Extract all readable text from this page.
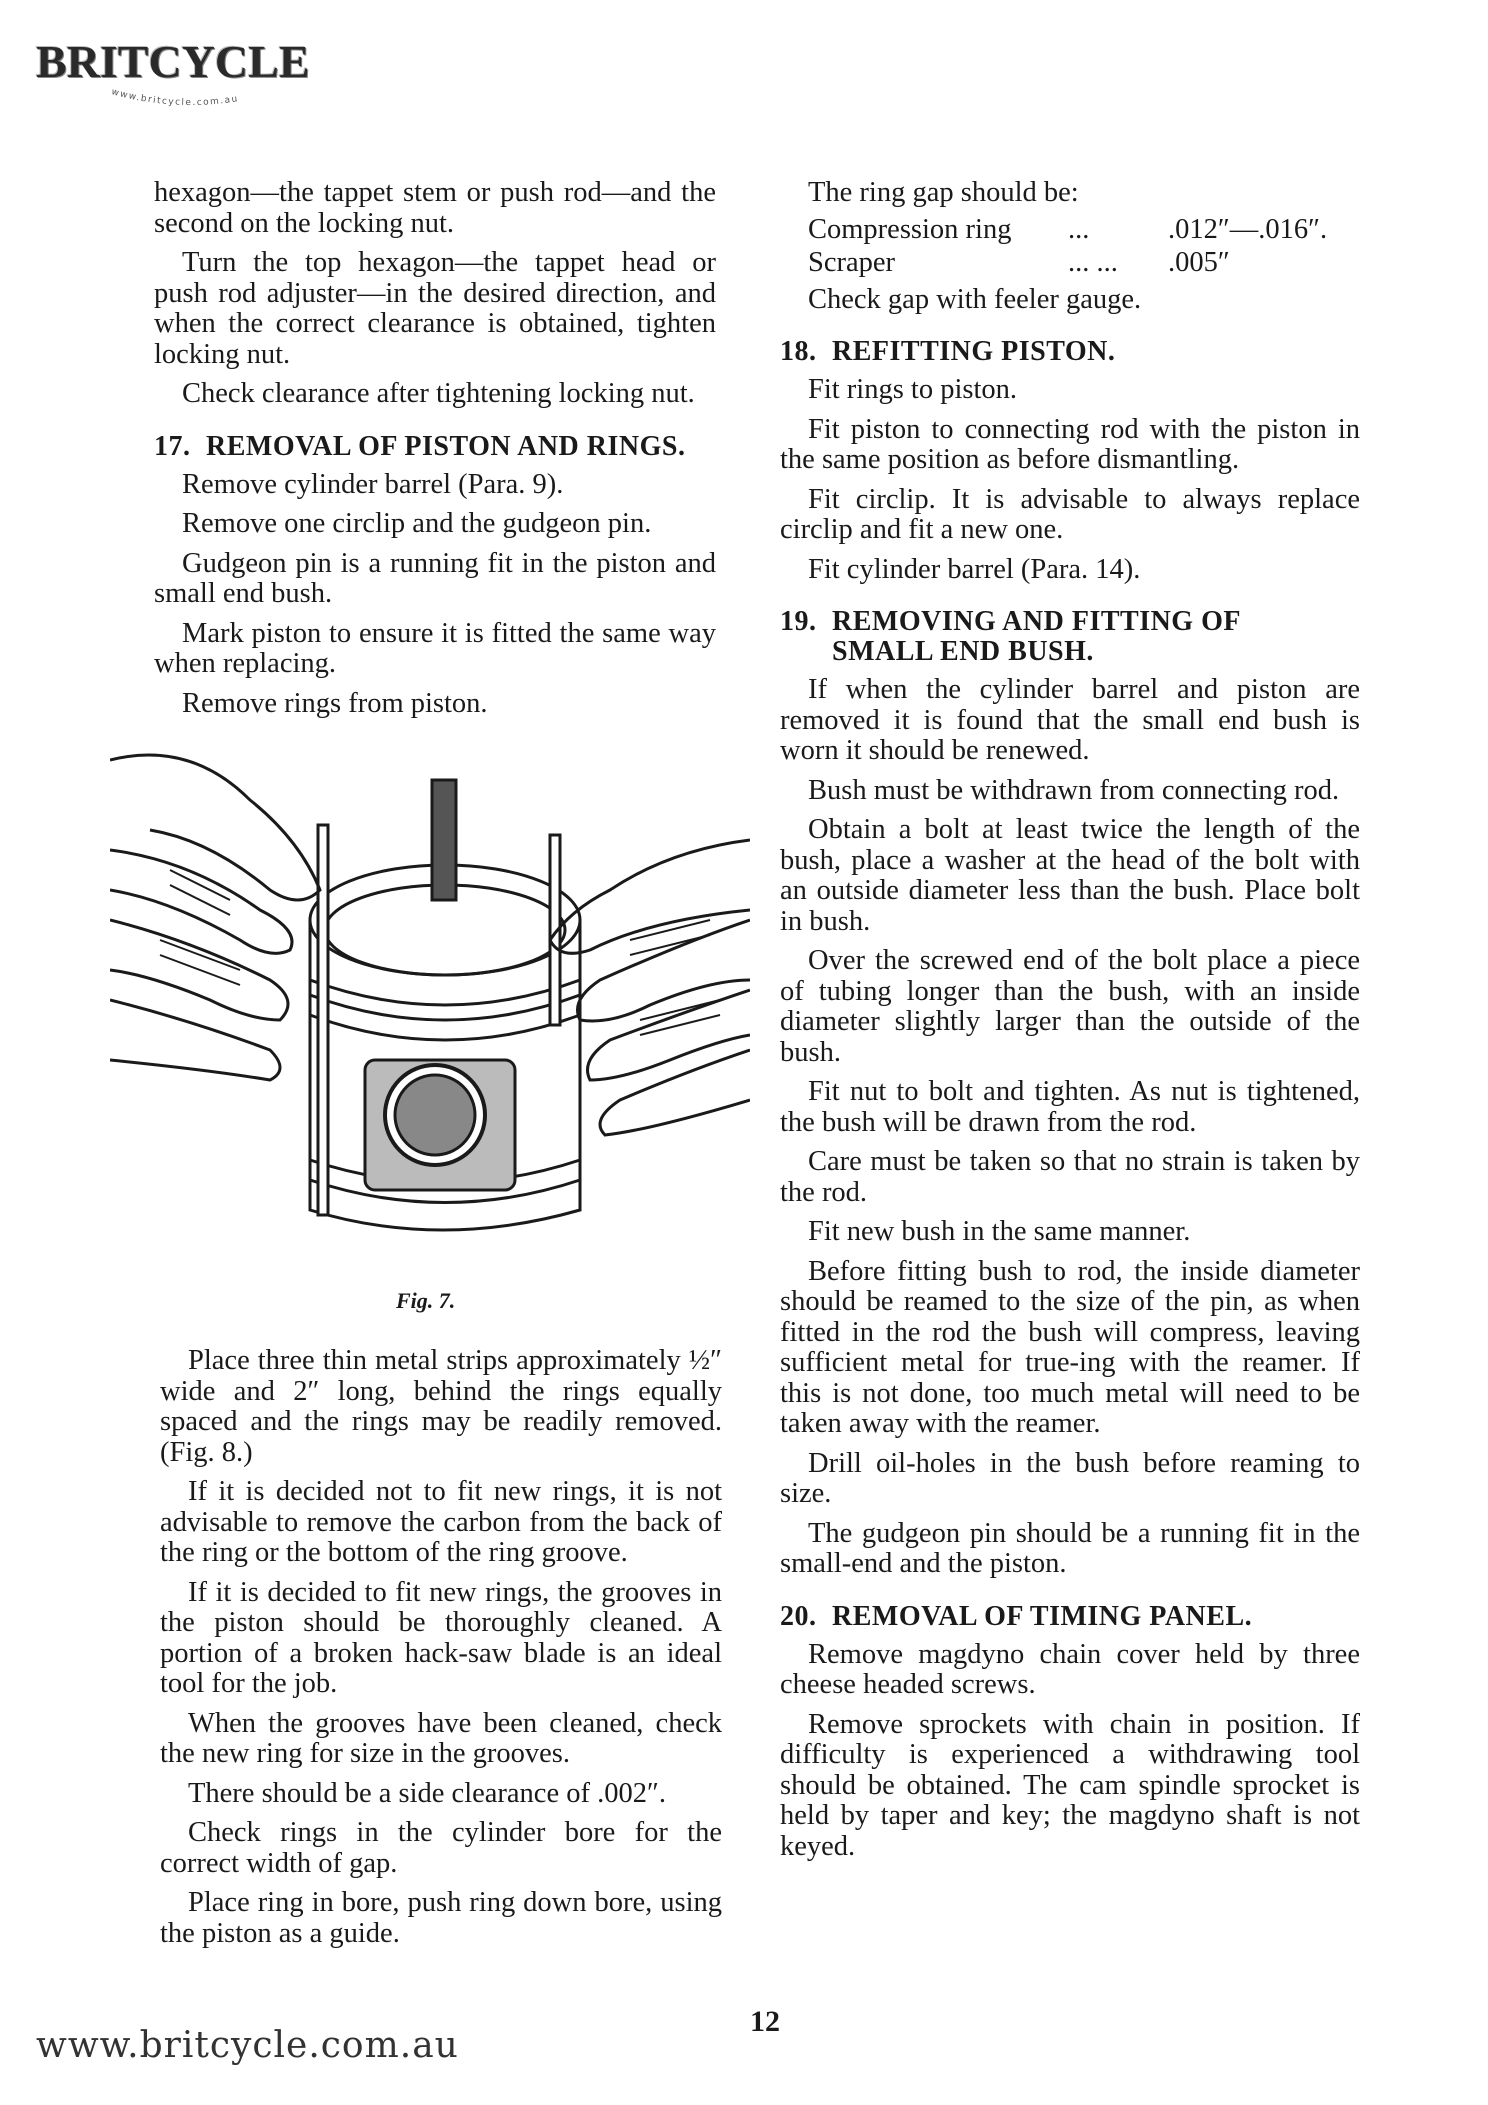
BRITCYCLE
www.britcycle.com.au

hexagon—the tappet stem or push rod—and the second on the locking nut.

Turn the top hexagon—the tappet head or push rod adjuster—in the desired direction, and when the correct clearance is obtained, tighten locking nut.

Check clearance after tightening locking nut.

17. REMOVAL OF PISTON AND RINGS.

Remove cylinder barrel (Para. 9).

Remove one circlip and the gudgeon pin.

Gudgeon pin is a running fit in the piston and small end bush.

Mark piston to ensure it is fitted the same way when replacing.

Remove rings from piston.

Fig. 7.

Place three thin metal strips approximately ½″ wide and 2″ long, behind the rings equally spaced and the rings may be readily removed. (Fig. 8.)

If it is decided not to fit new rings, it is not advisable to remove the carbon from the back of the ring or the bottom of the ring groove.

If it is decided to fit new rings, the grooves in the piston should be thoroughly cleaned. A portion of a broken hack-saw blade is an ideal tool for the job.

When the grooves have been cleaned, check the new ring for size in the grooves.

There should be a side clearance of .002″.

Check rings in the cylinder bore for the correct width of gap.

Place ring in bore, push ring down bore, using the piston as a guide.

The ring gap should be:

Compression ring	...	.012″—.016″.
Scraper	... ...	.005″

Check gap with feeler gauge.

18. REFITTING PISTON.

Fit rings to piston.

Fit piston to connecting rod with the piston in the same position as before dismantling.

Fit circlip. It is advisable to always replace circlip and fit a new one.

Fit cylinder barrel (Para. 14).

19. REMOVING AND FITTING OF
SMALL END BUSH.

If when the cylinder barrel and piston are removed it is found that the small end bush is worn it should be renewed.

Bush must be withdrawn from connecting rod.

Obtain a bolt at least twice the length of the bush, place a washer at the head of the bolt with an outside diameter less than the bush. Place bolt in bush.

Over the screwed end of the bolt place a piece of tubing longer than the bush, with an inside diameter slightly larger than the outside of the bush.

Fit nut to bolt and tighten. As nut is tightened, the bush will be drawn from the rod.

Care must be taken so that no strain is taken by the rod.

Fit new bush in the same manner.

Before fitting bush to rod, the inside diameter should be reamed to the size of the pin, as when fitted in the rod the bush will compress, leaving sufficient metal for true-ing with the reamer. If this is not done, too much metal will need to be taken away with the reamer.

Drill oil-holes in the bush before reaming to size.

The gudgeon pin should be a running fit in the small-end and the piston.

20. REMOVAL OF TIMING PANEL.

Remove magdyno chain cover held by three cheese headed screws.

Remove sprockets with chain in position. If difficulty is experienced a withdrawing tool should be obtained. The cam spindle sprocket is held by taper and key; the magdyno shaft is not keyed.

12
www.britcycle.com.au
